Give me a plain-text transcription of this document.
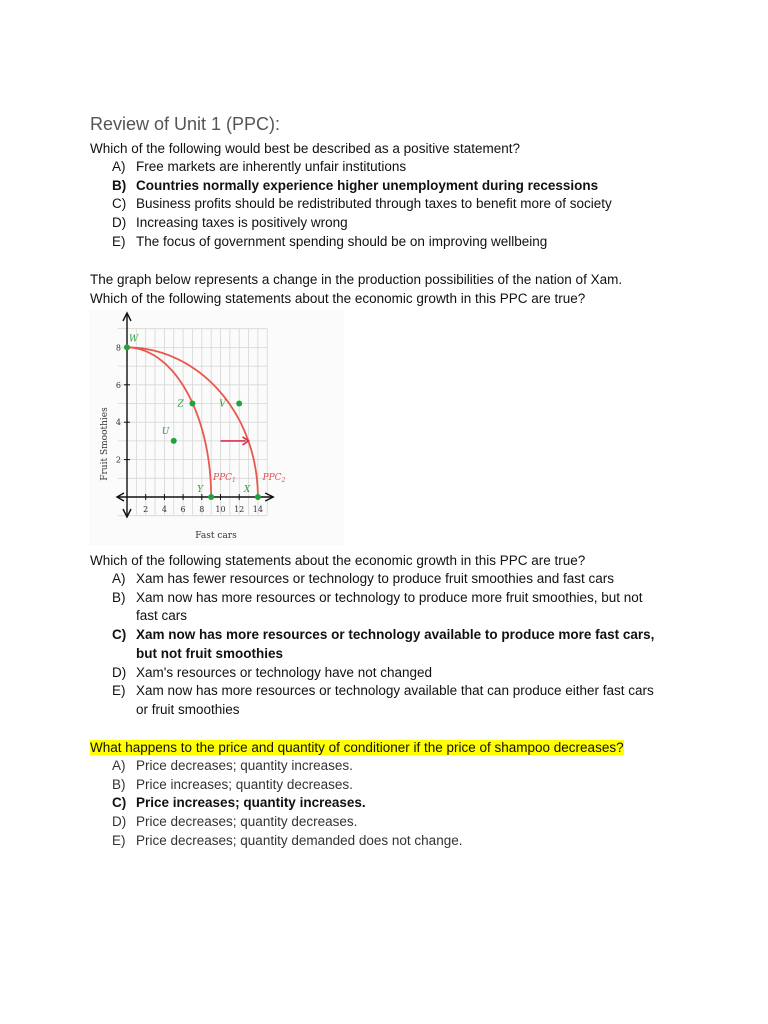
Review of Unit 1 (PPC):
Which of the following would best be described as a positive statement?
A) Free markets are inherently unfair institutions
B) Countries normally experience higher unemployment during recessions
C) Business profits should be redistributed through taxes to benefit more of society
D) Increasing taxes is positively wrong
E) The focus of government spending should be on improving wellbeing
The graph below represents a change in the production possibilities of the nation of Xam.
Which of the following statements about the economic growth in this PPC are true?
2 4 6 8 10 12 14
2
4
6
8
$PPC_1$	$PPC_2$
W
Z	V
U
Y	X
Fruit Smoothies
Fast cars
Which of the following statements about the economic growth in this PPC are true?
A) Xam has fewer resources or technology to produce fruit smoothies and fast cars
B) Xam now has more resources or technology to produce more fruit smoothies, but not
fast cars
C) Xam now has more resources or technology available to produce more fast cars,
but not fruit smoothies
D) Xam's resources or technology have not changed
E) Xam now has more resources or technology available that can produce either fast cars
or fruit smoothies
What happens to the price and quantity of conditioner if the price of shampoo decreases?
A) Price decreases; quantity increases.
B) Price increases; quantity decreases.
C) Price increases; quantity increases.
D) Price decreases; quantity decreases.
E) Price decreases; quantity demanded does not change.
